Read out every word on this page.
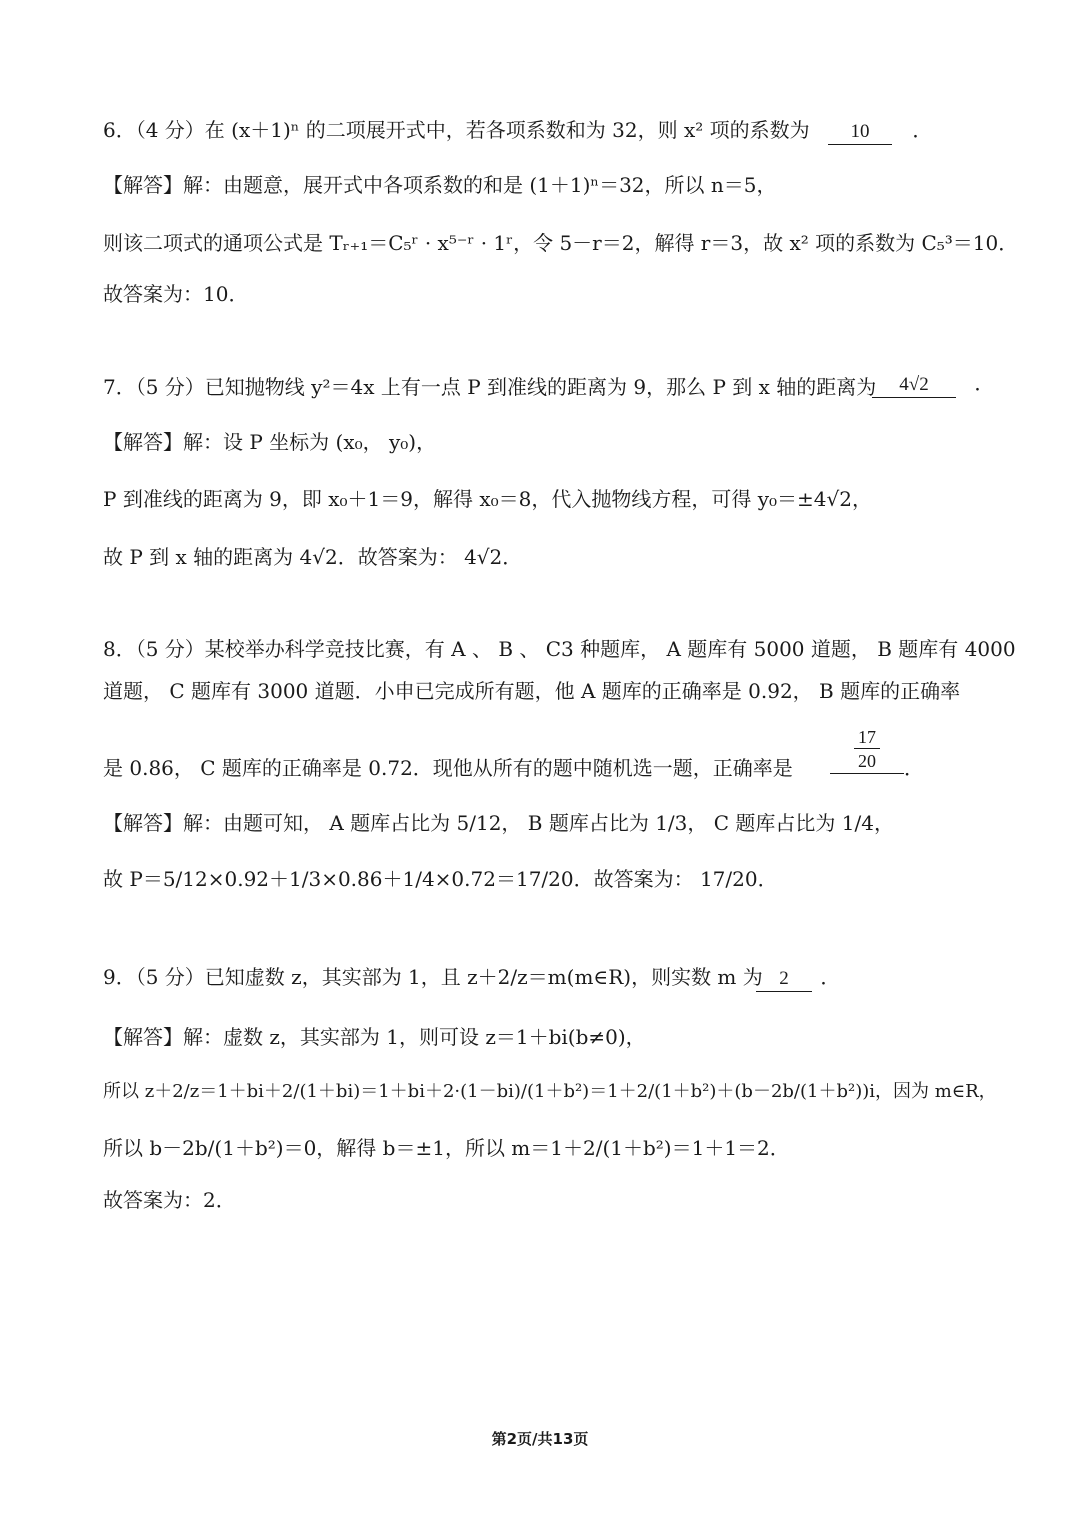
6．（4 分）在 (x＋1)ⁿ 的二项展开式中，若各项系数和为 32，则 x² 项的系数为	10 ．
【解答】解：由题意，展开式中各项系数的和是 (1＋1)ⁿ＝32，所以 n＝5，
则该二项式的通项公式是 Tᵣ₊₁＝C₅ʳ · x⁵⁻ʳ · 1ʳ，令 5－r＝2，解得 r＝3，故 x² 项的系数为 C₅³＝10．
故答案为：10．
7．（5 分）已知抛物线 y²＝4x 上有一点 P 到准线的距离为 9，那么 P 到 x 轴的距离为	4√2 ．
【解答】解：设 P 坐标为 (x₀， y₀)，
P 到准线的距离为 9，即 x₀＋1＝9，解得 x₀＝8，代入抛物线方程，可得 y₀＝±4√2，
故 P 到 x 轴的距离为 4√2．故答案为： 4√2．
8．（5 分）某校举办科学竞技比赛，有 A 、 B 、 C3 种题库， A 题库有 5000 道题， B 题库有 4000
道题， C 题库有 3000 道题．小申已完成所有题，他 A 题库的正确率是 0.92， B 题库的正确率
是 0.86， C 题库的正确率是 0.72．现他从所有的题中随机选一题，正确率是 $\frac{17}{20}$ ．
【解答】解：由题可知， A 题库占比为 5/12， B 题库占比为 1/3， C 题库占比为 1/4，
故 P＝5/12×0.92＋1/3×0.86＋1/4×0.72＝17/20．故答案为： 17/20．
9．（5 分）已知虚数 z，其实部为 1，且 z＋2/z＝m(m∈R)，则实数 m 为 2 ．
【解答】解：虚数 z，其实部为 1，则可设 z＝1＋bi(b≠0)，
所以 z＋2/z＝1＋bi＋2/(1＋bi)＝1＋bi＋2·(1－bi)/(1＋b²)＝1＋2/(1＋b²)＋(b－2b/(1＋b²))i，因为 m∈R，
所以 b－2b/(1＋b²)＝0，解得 b＝±1，所以 m＝1＋2/(1＋b²)＝1＋1＝2．
故答案为：2．
第2页/共13页
